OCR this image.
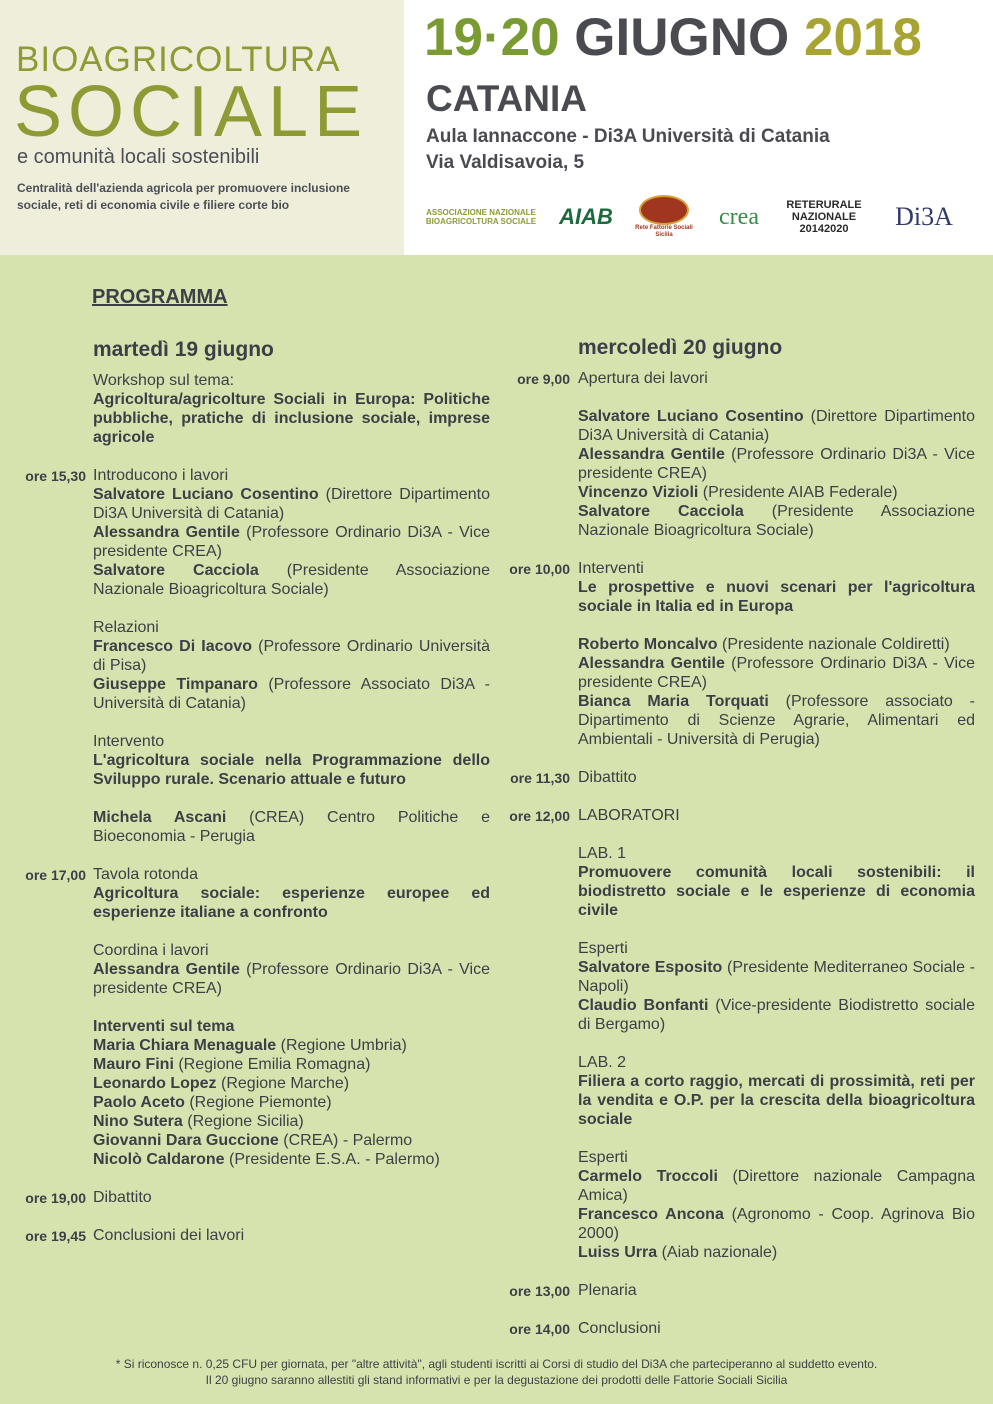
BIOAGRICOLTURA
SOCIALE
e comunità locali sostenibili
Centralità dell'azienda agricola per promuovere inclusione sociale, reti di economia civile e filiere corte bio
19·20 GIUGNO 2018
CATANIA
Aula Iannaccone - Di3A Università di Catania
Via Valdisavoia, 5
ASSOCIAZIONE NAZIONALE BIOAGRICOLTURA SOCIALE AIAB	Rete Fattorie Sociali Sicilia
crea	RETERURALE NAZIONALE 20142020	Di3A
PROGRAMMA
martedì 19 giugno
Workshop sul tema:
Agricoltura/agricolture Sociali in Europa: Politiche pubbliche, pratiche di inclusione sociale, imprese agricole
ore 15,30 Introducono i lavori
Salvatore Luciano Cosentino (Direttore Dipartimento Di3A Università di Catania)
Alessandra Gentile (Professore Ordinario Di3A - Vice presidente CREA)
Salvatore Cacciola (Presidente Associazione Nazionale Bioagricoltura Sociale)
Relazioni
Francesco Di Iacovo (Professore Ordinario Università di Pisa)
Giuseppe Timpanaro (Professore Associato Di3A - Università di Catania)
Intervento
L'agricoltura sociale nella Programmazione dello Sviluppo rurale. Scenario attuale e futuro
Michela Ascani (CREA) Centro Politiche e Bioeconomia - Perugia
ore 17,00 Tavola rotonda
Agricoltura sociale: esperienze europee ed esperienze italiane a confronto
Coordina i lavori
Alessandra Gentile (Professore Ordinario Di3A - Vice presidente CREA)
Interventi sul tema
Maria Chiara Menaguale (Regione Umbria)
Mauro Fini (Regione Emilia Romagna)
Leonardo Lopez (Regione Marche)
Paolo Aceto (Regione Piemonte)
Nino Sutera (Regione Sicilia)
Giovanni Dara Guccione (CREA) - Palermo
Nicolò Caldarone (Presidente E.S.A. - Palermo)
ore 19,00 Dibattito
ore 19,45 Conclusioni dei lavori
mercoledì 20 giugno
ore 9,00 Apertura dei lavori
Salvatore Luciano Cosentino (Direttore Dipartimento Di3A Università di Catania)
Alessandra Gentile (Professore Ordinario Di3A - Vice presidente CREA)
Vincenzo Vizioli (Presidente AIAB Federale)
Salvatore Cacciola (Presidente Associazione Nazionale Bioagricoltura Sociale)
ore 10,00 Interventi
Le prospettive e nuovi scenari per l'agricoltura sociale in Italia ed in Europa
Roberto Moncalvo (Presidente nazionale Coldiretti)
Alessandra Gentile (Professore Ordinario Di3A - Vice presidente CREA)
Bianca Maria Torquati (Professore associato - Dipartimento di Scienze Agrarie, Alimentari ed Ambientali - Università di Perugia)
ore 11,30 Dibattito
ore 12,00 LABORATORI
LAB. 1
Promuovere comunità locali sostenibili: il biodistretto sociale e le esperienze di economia civile
Esperti
Salvatore Esposito (Presidente Mediterraneo Sociale - Napoli)
Claudio Bonfanti (Vice-presidente Biodistretto sociale di Bergamo)
LAB. 2
Filiera a corto raggio, mercati di prossimità, reti per la vendita e O.P. per la crescita della bioagricoltura sociale
Esperti
Carmelo Troccoli (Direttore nazionale Campagna Amica)
Francesco Ancona (Agronomo - Coop. Agrinova Bio 2000)
Luiss Urra (Aiab nazionale)
ore 13,00 Plenaria
ore 14,00 Conclusioni
* Si riconosce n. 0,25 CFU per giornata, per "altre attività", agli studenti iscritti ai Corsi di studio del Di3A che parteciperanno al suddetto evento.
Il 20 giugno saranno allestiti gli stand informativi e per la degustazione dei prodotti delle Fattorie Sociali Sicilia
